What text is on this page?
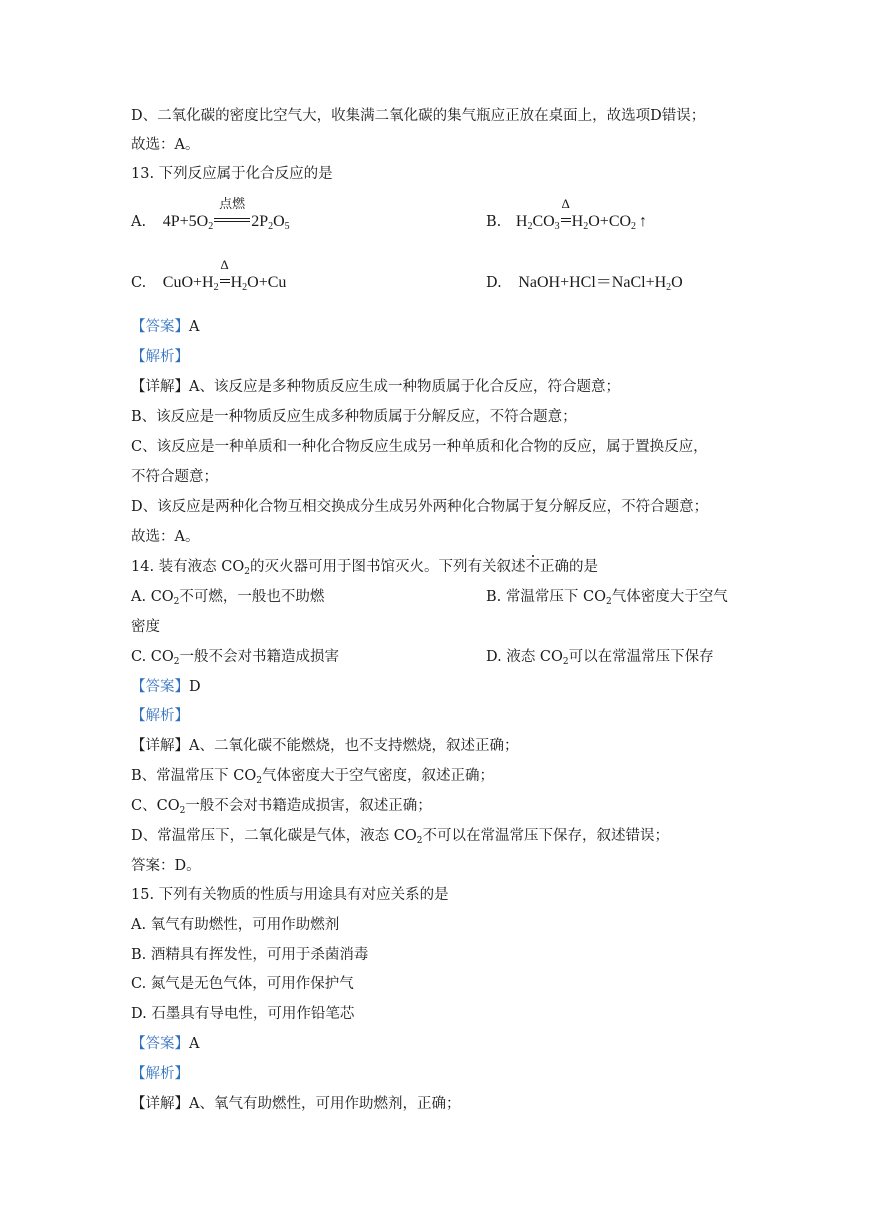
D、二氧化碳的密度比空气大，收集满二氧化碳的集气瓶应正放在桌面上，故选项D错误；
故选：A。
13. 下列反应属于化合反应的是
A. $4P+5O_2$
点燃
$2P_2O_5$	B. $H_2CO_3$
Δ
$H_2O+CO_2$ ↑
C. $CuO+H_2$
Δ
$H_2O+Cu$	D. $NaOH+HCl=NaCl+H_2O$
【答案】A
【解析】
【详解】A、该反应是多种物质反应生成一种物质属于化合反应，符合题意；
B、该反应是一种物质反应生成多种物质属于分解反应，不符合题意；
C、该反应是一种单质和一种化合物反应生成另一种单质和化合物的反应，属于置换反应，
不符合题意；
D、该反应是两种化合物互相交换成分生成另外两种化合物属于复分解反应，不符合题意；
故选：A。
14. 装有液态 $CO_2$的灭火器可用于图书馆灭火。下列有关叙述不正确的是
A. $CO_2$不可燃，一般也不助燃	B. 常温常压下 $CO_2$气体密度大于空气
密度
C. $CO_2$一般不会对书籍造成损害	D. 液态 $CO_2$可以在常温常压下保存
【答案】D
【解析】
【详解】A、二氧化碳不能燃烧，也不支持燃烧，叙述正确；
B、常温常压下 $CO_2$气体密度大于空气密度，叙述正确；
C、$CO_2$一般不会对书籍造成损害，叙述正确；
D、常温常压下，二氧化碳是气体，液态 $CO_2$不可以在常温常压下保存，叙述错误；
答案：D。
15. 下列有关物质的性质与用途具有对应关系的是
A. 氧气有助燃性，可用作助燃剂
B. 酒精具有挥发性，可用于杀菌消毒
C. 氮气是无色气体，可用作保护气
D. 石墨具有导电性，可用作铅笔芯
【答案】A
【解析】
【详解】A、氧气有助燃性，可用作助燃剂，正确；
